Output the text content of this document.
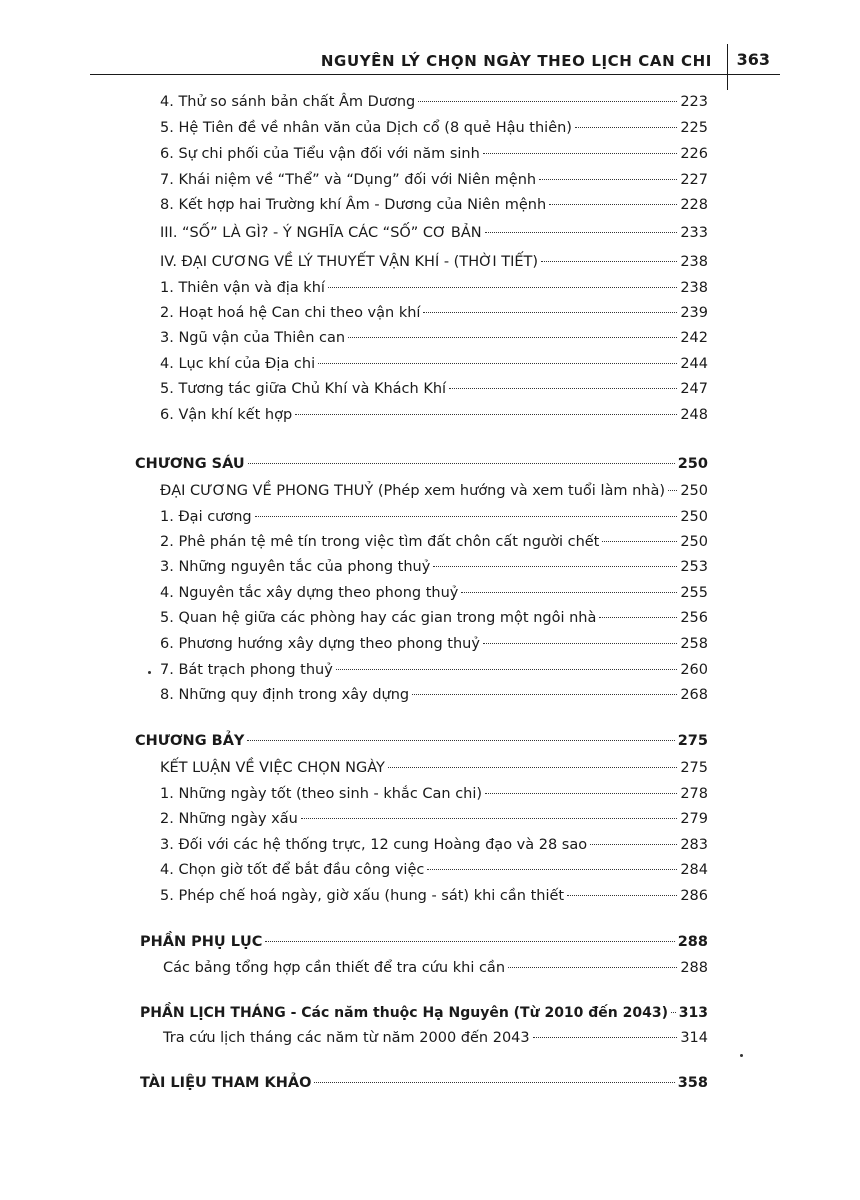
NGUYÊN LÝ CHỌN NGÀY THEO LỊCH CAN CHI 363
4. Thử so sánh bản chất Âm Dương	223
5. Hệ Tiên đề về nhân văn của Dịch cổ (8 quẻ Hậu thiên)	225
6. Sự chi phối của Tiểu vận đối với năm sinh	226
7. Khái niệm về “Thể” và “Dụng” đối với Niên mệnh	227
8. Kết hợp hai Trường khí Âm - Dương của Niên mệnh	228
III. “SỐ” LÀ GÌ? - Ý NGHĨA CÁC “SỐ” CƠ BẢN	233
IV. ĐẠI CƯƠNG VỀ LÝ THUYẾT VẬN KHÍ - (THỜI TIẾT)	238
1. Thiên vận và địa khí	238
2. Hoạt hoá hệ Can chi theo vận khí	239
3. Ngũ vận của Thiên can	242
4. Lục khí của Địa chi	244
5. Tương tác giữa Chủ Khí và Khách Khí	247
6. Vận khí kết hợp	248
CHƯƠNG SÁU	250
ĐẠI CƯƠNG VỀ PHONG THUỶ (Phép xem hướng và xem tuổi làm nhà) 250
1. Đại cương	250
2. Phê phán tệ mê tín trong việc tìm đất chôn cất người chết	250
3. Những nguyên tắc của phong thuỷ	253
4. Nguyên tắc xây dựng theo phong thuỷ	255
5. Quan hệ giữa các phòng hay các gian trong một ngôi nhà	256
6. Phương hướng xây dựng theo phong thuỷ	258
7. Bát trạch phong thuỷ	260
8. Những quy định trong xây dựng	268
CHƯƠNG BẢY	275
KẾT LUẬN VỀ VIỆC CHỌN NGÀY	275
1. Những ngày tốt (theo sinh - khắc Can chi)	278
2. Những ngày xấu	279
3. Đối với các hệ thống trực, 12 cung Hoàng đạo và 28 sao	283
4. Chọn giờ tốt để bắt đầu công việc	284
5. Phép chế hoá ngày, giờ xấu (hung - sát) khi cần thiết	286
PHẦN PHỤ LỤC	288
Các bảng tổng hợp cần thiết để tra cứu khi cần	288
PHẦN LỊCH THÁNG - Các năm thuộc Hạ Nguyên (Từ 2010 đến 2043) 313
Tra cứu lịch tháng các năm từ năm 2000 đến 2043	314
TÀI LIỆU THAM KHẢO	358
